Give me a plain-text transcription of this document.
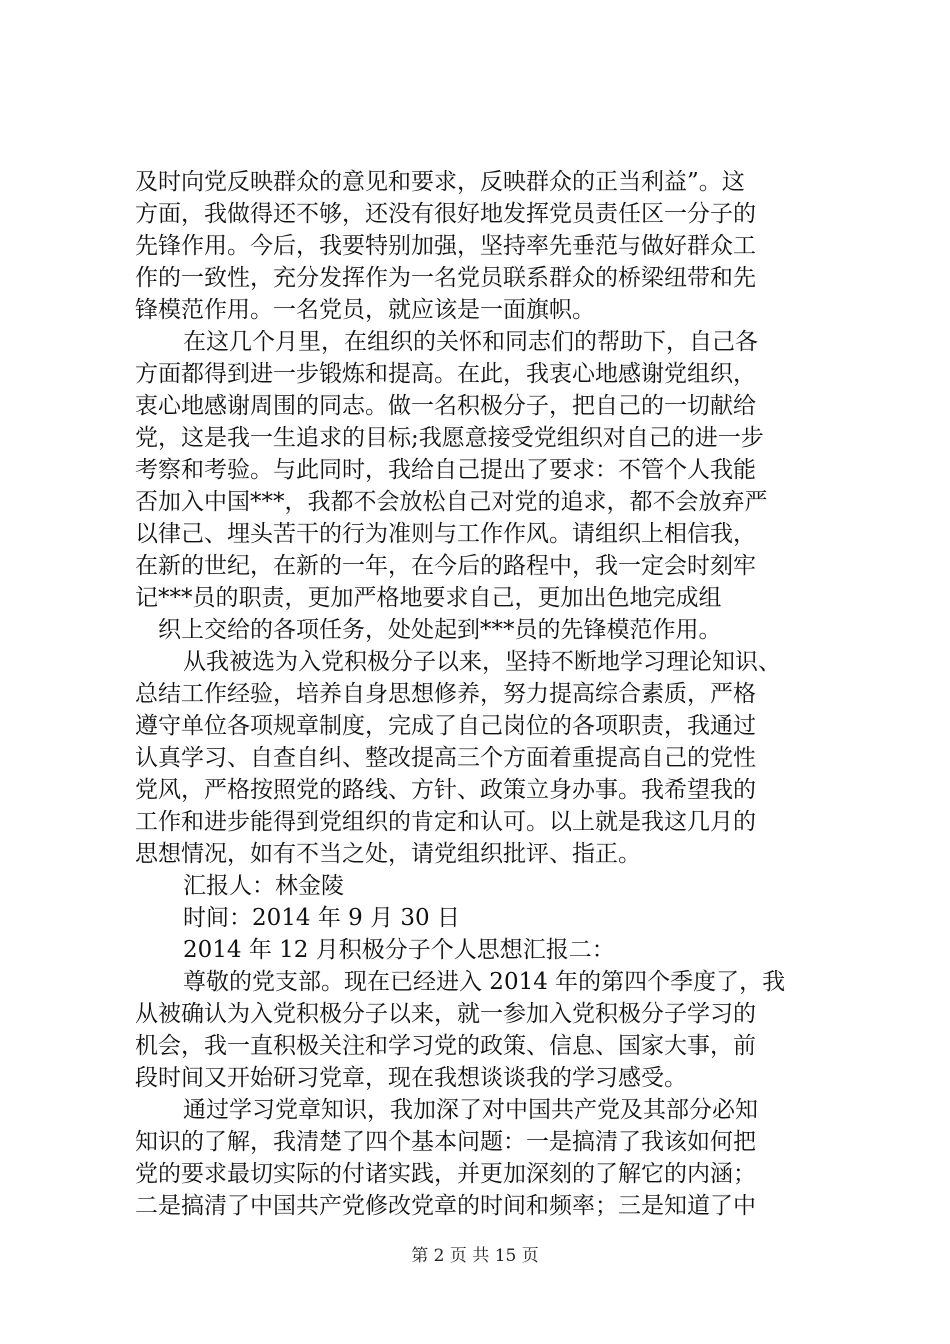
及时向党反映群众的意见和要求，反映群众的正当利益”。这
方面，我做得还不够，还没有很好地发挥党员责任区一分子的
先锋作用。今后，我要特别加强，坚持率先垂范与做好群众工
作的一致性，充分发挥作为一名党员联系群众的桥梁纽带和先
锋模范作用。一名党员，就应该是一面旗帜。
在这几个月里，在组织的关怀和同志们的帮助下，自己各
方面都得到进一步锻炼和提高。在此，我衷心地感谢党组织，
衷心地感谢周围的同志。做一名积极分子，把自己的一切献给
党，这是我一生追求的目标;我愿意接受党组织对自己的进一步
考察和考验。与此同时，我给自己提出了要求：不管个人我能
否加入中国***，我都不会放松自己对党的追求，都不会放弃严
以律己、埋头苦干的行为准则与工作作风。请组织上相信我，
在新的世纪，在新的一年，在今后的路程中，我一定会时刻牢
记***员的职责，更加严格地要求自己，更加出色地完成组
织上交给的各项任务，处处起到***员的先锋模范作用。
从我被选为入党积极分子以来，坚持不断地学习理论知识、
总结工作经验，培养自身思想修养，努力提高综合素质，严格
遵守单位各项规章制度，完成了自己岗位的各项职责，我通过
认真学习、自查自纠、整改提高三个方面着重提高自己的党性
党风，严格按照党的路线、方针、政策立身办事。我希望我的
工作和进步能得到党组织的肯定和认可。以上就是我这几月的
思想情况，如有不当之处，请党组织批评、指正。
汇报人：林金陵
时间：2014 年 9 月 30 日
2014 年 12 月积极分子个人思想汇报二：
尊敬的党支部。现在已经进入 2014 年的第四个季度了，我
从被确认为入党积极分子以来，就一参加入党积极分子学习的
机会，我一直积极关注和学习党的政策、信息、国家大事，前
段时间又开始研习党章，现在我想谈谈我的学习感受。
通过学习党章知识，我加深了对中国共产党及其部分必知
知识的了解，我清楚了四个基本问题：一是搞清了我该如何把
党的要求最切实际的付诸实践，并更加深刻的了解它的内涵；
二是搞清了中国共产党修改党章的时间和频率；三是知道了中
第 2 页 共 15 页
